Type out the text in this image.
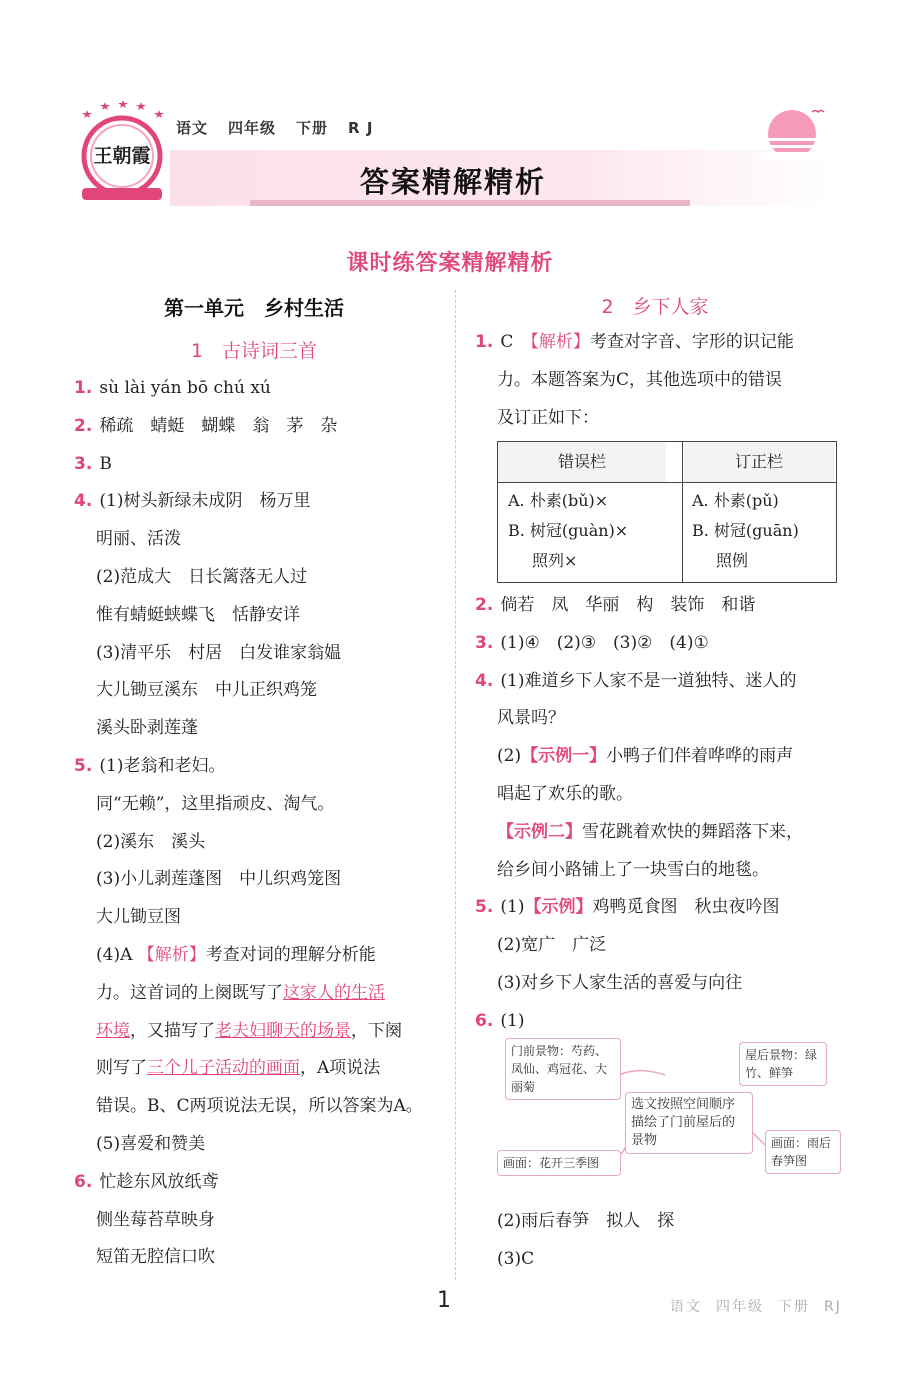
王朝霞
语文 四年级 下册 R J
答案精解精析
课时练答案精解精析
第一单元　乡村生活
1　古诗词三首
1. sù lài yán bō chú xú
2. 稀疏　蜻蜓　蝴蝶　翁　茅　杂
3. B
4. (1)树头新绿未成阴　杨万里
明丽、活泼
(2)范成大　日长篱落无人过
惟有蜻蜓蛱蝶飞　恬静安详
(3)清平乐　村居　白发谁家翁媪
大儿锄豆溪东　中儿正织鸡笼
溪头卧剥莲蓬
5. (1)老翁和老妇。
同“无赖”，这里指顽皮、淘气。
(2)溪东　溪头
(3)小儿剥莲蓬图　中儿织鸡笼图
大儿锄豆图
(4)A 【解析】考查对词的理解分析能
力。这首词的上阕既写了这家人的生活
环境，又描写了老夫妇聊天的场景，下阕
则写了三个儿子活动的画面，A项说法
错误。B、C两项说法无误，所以答案为A。
(5)喜爱和赞美
6. 忙趁东风放纸鸢
侧坐莓苔草映身
短笛无腔信口吹
2　乡下人家
1. C　 【解析】考查对字音、字形的识记能
力。本题答案为C，其他选项中的错误
及订正如下：
错误栏	订正栏
A. 朴素(bǔ)×
B. 树冠(guàn)×
照列×
A. 朴素(pǔ)
B. 树冠(guān)
照例
2. 倘若　凤　华丽　构　装饰　和谐
3. (1)④　(2)③　(3)②　(4)①
4. (1)难道乡下人家不是一道独特、迷人的
风景吗？
(2)【示例一】小鸭子们伴着哗哗的雨声
唱起了欢乐的歌。
【示例二】雪花跳着欢快的舞蹈落下来，
给乡间小路铺上了一块雪白的地毯。
5. (1)【示例】鸡鸭觅食图　秋虫夜吟图
(2)宽广　广泛
(3)对乡下人家生活的喜爱与向往
6. (1)
门前景物：芍药、凤仙、鸡冠花、大丽菊
屋后景物：绿竹、鲜笋
选文按照空间顺序描绘了门前屋后的景物
画面：花开三季图
画面：雨后春笋图
(2)雨后春笋　拟人　探
(3)C
1	语文 四年级 下册 RJ
